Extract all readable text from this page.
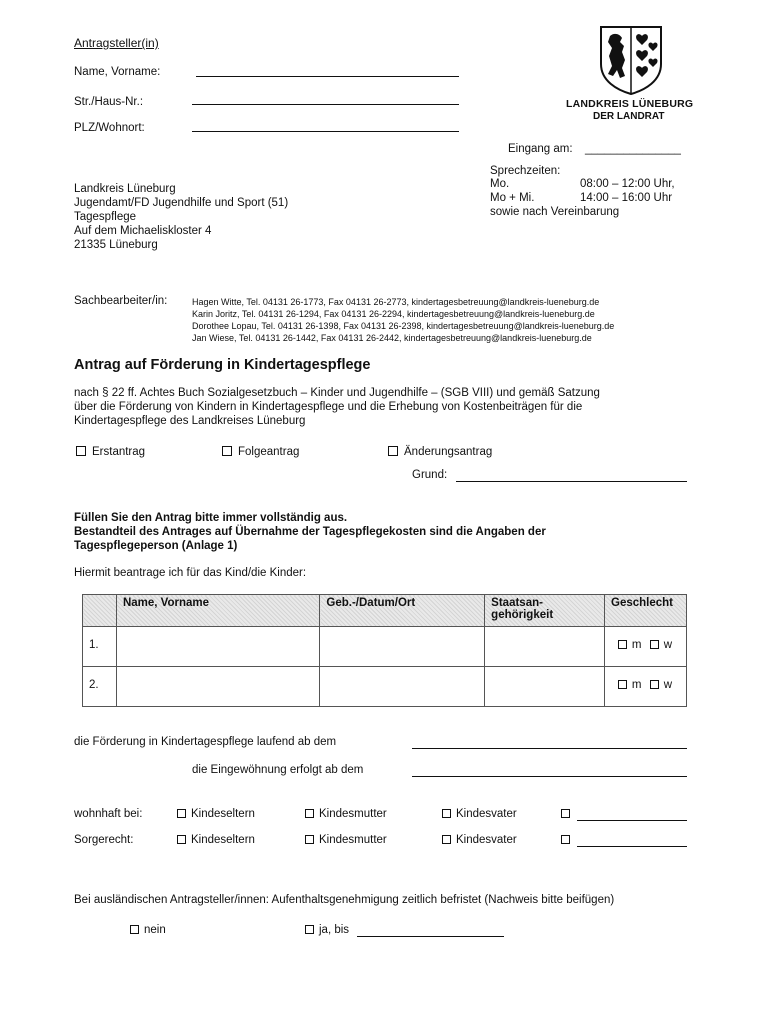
Antragsteller(in)
Name, Vorname:
Str./Haus-Nr.:
PLZ/Wohnort:
LANDKREIS LÜNEBURG
DER LANDRAT
Eingang am: _______________
Sprechzeiten:
Mo.	08:00 – 12:00 Uhr,
Mo + Mi.	14:00 – 16:00 Uhr
sowie nach Vereinbarung
Landkreis Lüneburg
Jugendamt/FD Jugendhilfe und Sport (51)
Tagespflege
Auf dem Michaeliskloster 4
21335 Lüneburg
Sachbearbeiter/in:	Hagen Witte, Tel. 04131 26-1773, Fax 04131 26-2773, kindertagesbetreuung@landkreis-lueneburg.de
Karin Joritz, Tel. 04131 26-1294, Fax 04131 26-2294, kindertagesbetreuung@landkreis-lueneburg.de
Dorothee Lopau, Tel. 04131 26-1398, Fax 04131 26-2398, kindertagesbetreuung@landkreis-lueneburg.de
Jan Wiese, Tel. 04131 26-1442, Fax 04131 26-2442, kindertagesbetreuung@landkreis-lueneburg.de
Antrag auf Förderung in Kindertagespflege
nach § 22 ff. Achtes Buch Sozialgesetzbuch – Kinder und Jugendhilfe – (SGB VIII) und gemäß Satzung
über die Förderung von Kindern in Kindertagespflege und die Erhebung von Kostenbeiträgen für die
Kindertagespflege des Landkreises Lüneburg
Erstantrag	Folgeantrag	Änderungsantrag
Grund:
Füllen Sie den Antrag bitte immer vollständig aus.
Bestandteil des Antrages auf Übernahme der Tagespflegekosten sind die Angaben der
Tagespflegeperson (Anlage 1)
Hiermit beantrage ich für das Kind/die Kinder:
	Name, Vorname	Geb.-/Datum/Ort	Staatsan-
gehörigkeit	Geschlecht
1.				m w
2.				m w
die Förderung in Kindertagespflege laufend ab dem
die Eingewöhnung erfolgt ab dem
wohnhaft bei:	Kindeseltern	Kindesmutter	Kindesvater
Sorgerecht:	Kindeseltern	Kindesmutter	Kindesvater
Bei ausländischen Antragsteller/innen: Aufenthaltsgenehmigung zeitlich befristet (Nachweis bitte beifügen)
nein	ja, bis
